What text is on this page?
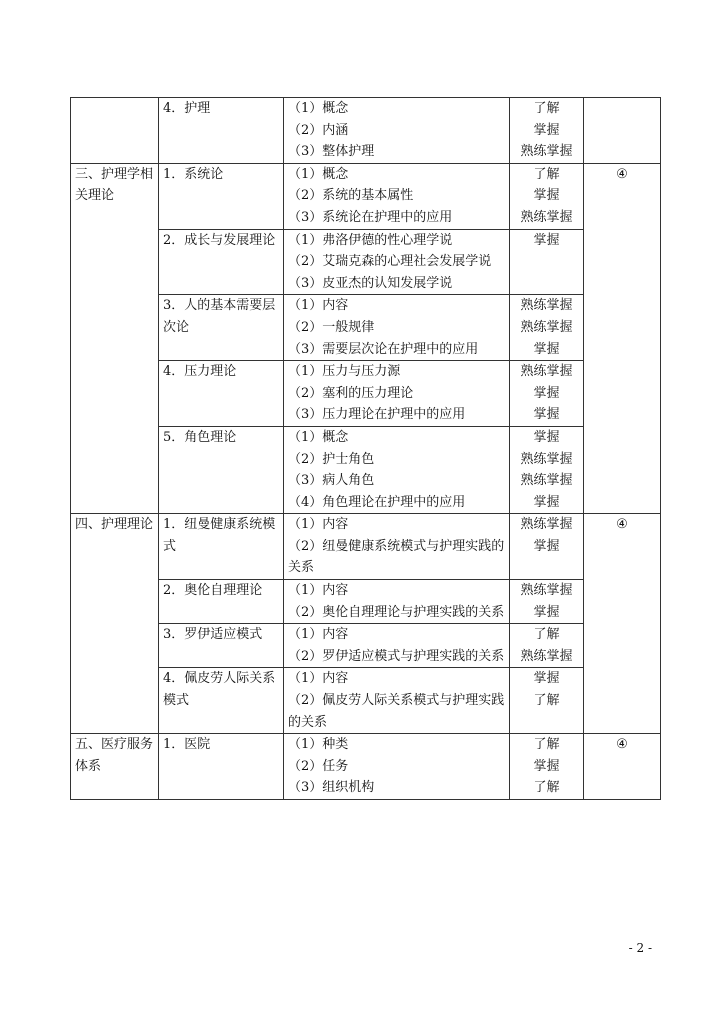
	4．护理	（1）概念
（2）内涵
（3）整体护理	了解
掌握
熟练掌握	

三、护理学相关理论	1．系统论	（1）概念
（2）系统的基本属性
（3）系统论在护理中的应用	了解
掌握
熟练掌握	④

	2．成长与发展理论	（1）弗洛伊德的性心理学说
（2）艾瑞克森的心理社会发展学说
（3）皮亚杰的认知发展学说	掌握	

	3．人的基本需要层次论	（1）内容
（2）一般规律
（3）需要层次论在护理中的应用	熟练掌握
熟练掌握
掌握	

	4．压力理论	（1）压力与压力源
（2）塞利的压力理论
（3）压力理论在护理中的应用	熟练掌握
掌握
掌握	

	5．角色理论	（1）概念
（2）护士角色
（3）病人角色
（4）角色理论在护理中的应用	掌握
熟练掌握
熟练掌握
掌握	

四、护理理论	1．纽曼健康系统模式	（1）内容
（2）纽曼健康系统模式与护理实践的关系	熟练掌握
掌握	④

	2．奥伦自理理论	（1）内容
（2）奥伦自理理论与护理实践的关系	熟练掌握
掌握	

	3．罗伊适应模式	（1）内容
（2）罗伊适应模式与护理实践的关系	了解
熟练掌握	

	4．佩皮劳人际关系模式	（1）内容
（2）佩皮劳人际关系模式与护理实践的关系	掌握
了解	

五、医疗服务体系	1．医院	（1）种类
（2）任务
（3）组织机构	了解
掌握
了解	④
- 2 -
